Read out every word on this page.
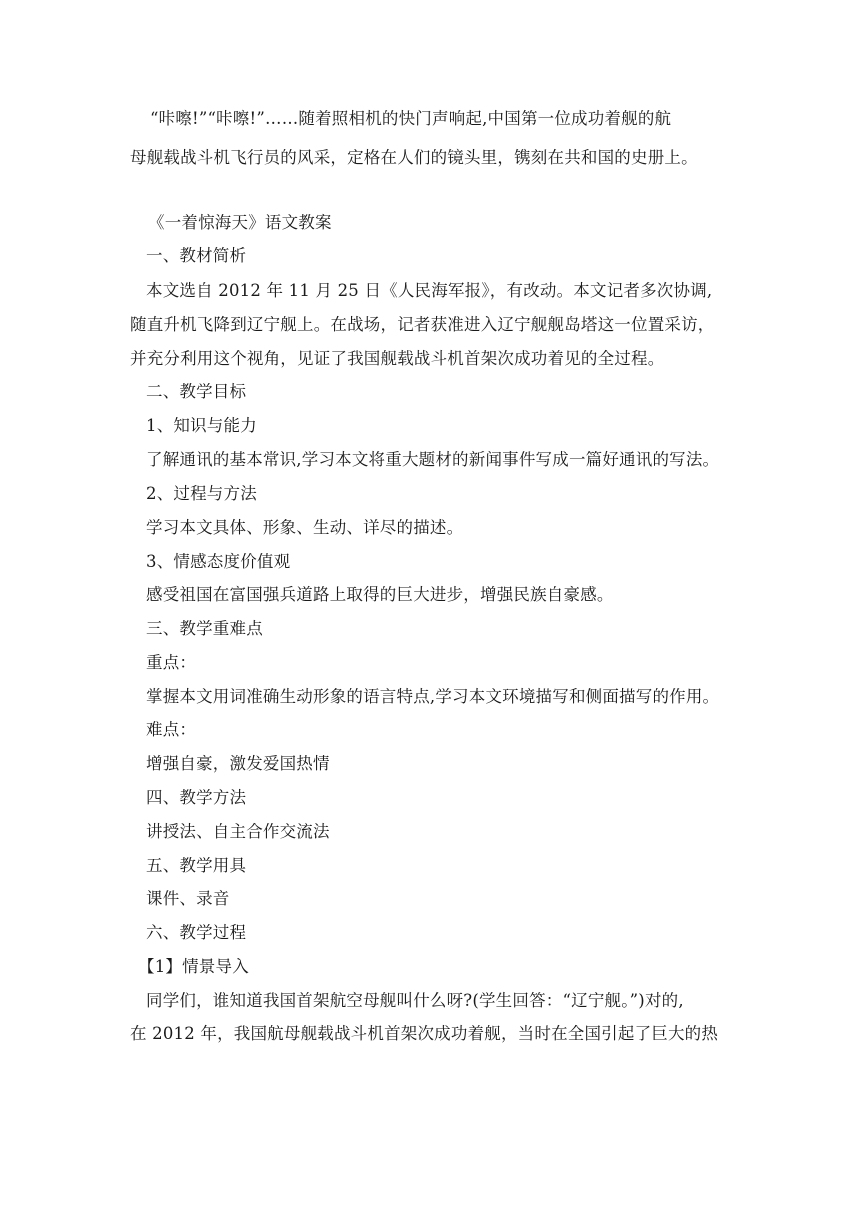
“咔嚓!”“咔嚓!”……随着照相机的快门声响起,中国第一位成功着舰的航
母舰载战斗机飞行员的风采，定格在人们的镜头里，镌刻在共和国的史册上。
《一着惊海天》语文教案
一、教材简析
本文选自 2012 年 11 月 25 日《人民海军报》，有改动。本文记者多次协调,
随直升机飞降到辽宁舰上。在战场，记者获准进入辽宁舰舰岛塔这一位置采访，
并充分利用这个视角，见证了我国舰载战斗机首架次成功着见的全过程。
二、教学目标
1、知识与能力
了解通讯的基本常识,学习本文将重大题材的新闻事件写成一篇好通讯的写法。
2、过程与方法
学习本文具体、形象、生动、详尽的描述。
3、情感态度价值观
感受祖国在富国强兵道路上取得的巨大进步，增强民族自豪感。
三、教学重难点
重点：
掌握本文用词准确生动形象的语言特点,学习本文环境描写和侧面描写的作用。
难点：
增强自豪，激发爱国热情
四、教学方法
讲授法、自主合作交流法
五、教学用具
课件、录音
六、教学过程
【1】情景导入
同学们，谁知道我国首架航空母舰叫什么呀?(学生回答：“辽宁舰。”)对的,
在 2012 年，我国航母舰载战斗机首架次成功着舰，当时在全国引起了巨大的热
